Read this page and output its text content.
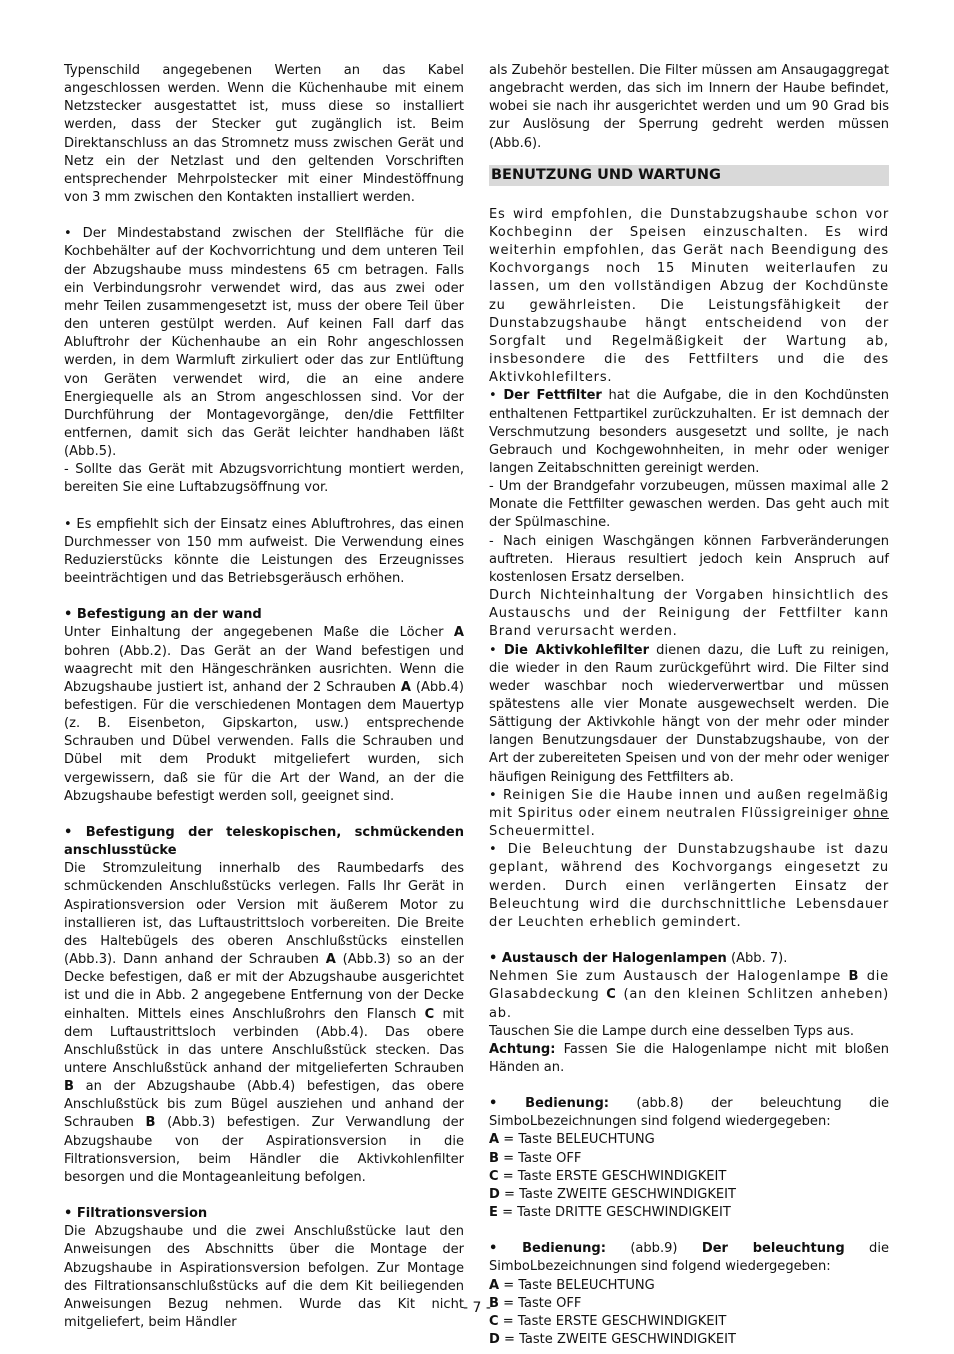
Typenschild angegebenen Werten an das Kabel angeschlossen werden. Wenn die Küchenhaube mit einem Netzstecker ausgestattet ist, muss diese so installiert werden, dass der Stecker gut zugänglich ist. Beim Direktanschluss an das Stromnetz muss zwischen Gerät und Netz ein der Netzlast und den geltenden Vorschriften entsprechender Mehrpolstecker mit einer Mindestöffnung von 3 mm zwischen den Kontakten installiert werden.

• Der Mindestabstand zwischen der Stellfläche für die Kochbehälter auf der Kochvorrichtung und dem unteren Teil der Abzugshaube muss mindestens 65 cm betragen. Falls ein Verbindungsrohr verwendet wird, das aus zwei oder mehr Teilen zusammengesetzt ist, muss der obere Teil über den unteren gestülpt werden. Auf keinen Fall darf das Abluftrohr der Küchenhaube an ein Rohr angeschlossen werden, in dem Warmluft zirkuliert oder das zur Entlüftung von Geräten verwendet wird, die an eine andere Energiequelle als an Strom angeschlossen sind. Vor der Durchführung der Montagevorgänge, den/die Fettfilter entfernen, damit sich das Gerät leichter handhaben läßt (Abb.5).

- Sollte das Gerät mit Abzugsvorrichtung montiert werden, bereiten Sie eine Luftabzugsöffnung vor.

• Es empfiehlt sich der Einsatz eines Abluftrohres, das einen Durchmesser von 150 mm aufweist. Die Verwendung eines Reduzierstücks könnte die Leistungen des Erzeugnisses beeinträchtigen und das Betriebsgeräusch erhöhen.

• Befestigung an der wand

Unter Einhaltung der angegebenen Maße die Löcher A bohren (Abb.2). Das Gerät an der Wand befestigen und waagrecht mit den Hängeschränken ausrichten. Wenn die Abzugshaube justiert ist, anhand der 2 Schrauben A (Abb.4) befestigen. Für die verschiedenen Montagen dem Mauertyp (z. B. Eisenbeton, Gipskarton, usw.) entsprechende Schrauben und Dübel verwenden. Falls die Schrauben und Dübel mit dem Produkt mitgeliefert wurden, sich vergewissern, daß sie für die Art der Wand, an der die Abzugshaube befestigt werden soll, geeignet sind.

• Befestigung der teleskopischen, schmückenden anschlusstücke

Die Stromzuleitung innerhalb des Raumbedarfs des schmückenden Anschlußstücks verlegen. Falls Ihr Gerät in Aspirationsversion oder Version mit äußerem Motor zu installieren ist, das Luftaustrittsloch vorbereiten. Die Breite des Haltebügels des oberen Anschlußstücks einstellen (Abb.3). Dann anhand der Schrauben A (Abb.3) so an der Decke befestigen, daß er mit der Abzugshaube ausgerichtet ist und die in Abb. 2 angegebene Entfernung von der Decke einhalten. Mittels eines Anschlußrohrs den Flansch C mit dem Luftaustrittsloch verbinden (Abb.4). Das obere Anschlußstück in das untere Anschlußstück stecken. Das untere Anschlußstück anhand der mitgelieferten Schrauben B an der Abzugshaube (Abb.4) befestigen, das obere Anschlußstück bis zum Bügel ausziehen und anhand der Schrauben B (Abb.3) befestigen. Zur Verwandlung der Abzugshaube von der Aspirationsversion in die Filtrationsversion, beim Händler die Aktivkohlenfilter besorgen und die Montageanleitung befolgen.

• Filtrationsversion

Die Abzugshaube und die zwei Anschlußstücke laut den Anweisungen des Abschnitts über die Montage der Abzugshaube in Aspirationsversion befolgen. Zur Montage des Filtrationsanschlußstücks auf die dem Kit beiliegenden Anweisungen Bezug nehmen. Wurde das Kit nicht mitgeliefert, beim Händler

als Zubehör bestellen. Die Filter müssen am Ansaugaggregat angebracht werden, das sich im Innern der Haube befindet, wobei sie nach ihr ausgerichtet werden und um 90 Grad bis zur Auslösung der Sperrung gedreht werden müssen (Abb.6).

BENUTZUNG UND WARTUNG

Es wird empfohlen, die Dunstabzugshaube schon vor Kochbeginn der Speisen einzuschalten. Es wird weiterhin empfohlen, das Gerät nach Beendigung des Kochvorgangs noch 15 Minuten weiterlaufen zu lassen, um den vollständigen Abzug der Kochdünste zu gewährleisten. Die Leistungsfähigkeit der Dunstabzugshaube hängt entscheidend von der Sorgfalt und Regelmäßigkeit der Wartung ab, insbesondere die des Fettfilters und die des Aktivkohlefilters.

• Der Fettfilter hat die Aufgabe, die in den Kochdünsten enthaltenen Fettpartikel zurückzuhalten. Er ist demnach der Verschmutzung besonders ausgesetzt und sollte, je nach Gebrauch und Kochgewohnheiten, in mehr oder weniger langen Zeitabschnitten gereinigt werden.

- Um der Brandgefahr vorzubeugen, müssen maximal alle 2 Monate die Fettfilter gewaschen werden. Das geht auch mit der Spülmaschine.

- Nach einigen Waschgängen können Farbveränderungen auftreten. Hieraus resultiert jedoch kein Anspruch auf kostenlosen Ersatz derselben.

Durch Nichteinhaltung der Vorgaben hinsichtlich des Austauschs und der Reinigung der Fettfilter kann Brand verursacht werden.

• Die Aktivkohlefilter dienen dazu, die Luft zu reinigen, die wieder in den Raum zurückgeführt wird. Die Filter sind weder waschbar noch wiederverwertbar und müssen spätestens alle vier Monate ausgewechselt werden. Die Sättigung der Aktivkohle hängt von der mehr oder minder langen Benutzungsdauer der Dunstabzugshaube, von der Art der zubereiteten Speisen und von der mehr oder weniger häufigen Reinigung des Fettfilters ab.

• Reinigen Sie die Haube innen und außen regelmäßig mit Spiritus oder einem neutralen Flüssigreiniger ohne Scheuermittel.

• Die Beleuchtung der Dunstabzugshaube ist dazu geplant, während des Kochvorgangs eingesetzt zu werden. Durch einen verlängerten Einsatz der Beleuchtung wird die durchschnittliche Lebensdauer der Leuchten erheblich gemindert.

• Austausch der Halogenlampen (Abb. 7).

Nehmen Sie zum Austausch der Halogenlampe B die Glasabdeckung C (an den kleinen Schlitzen anheben) ab.

Tauschen Sie die Lampe durch eine desselben Typs aus.

Achtung: Fassen Sie die Halogenlampe nicht mit bloßen Händen an.

• Bedienung: (abb.8) der beleuchtung die SimboLbezeichnungen sind folgend wiedergegeben:

A = Taste BELEUCHTUNG
B = Taste OFF
C = Taste ERSTE GESCHWINDIGKEIT
D = Taste ZWEITE GESCHWINDIGKEIT
E = Taste DRITTE GESCHWINDIGKEIT

• Bedienung: (abb.9) Der beleuchtung die SimboLbezeichnungen sind folgend wiedergegeben:

A = Taste BELEUCHTUNG
B = Taste OFF
C = Taste ERSTE GESCHWINDIGKEIT
D = Taste ZWEITE GESCHWINDIGKEIT
- 7 -
